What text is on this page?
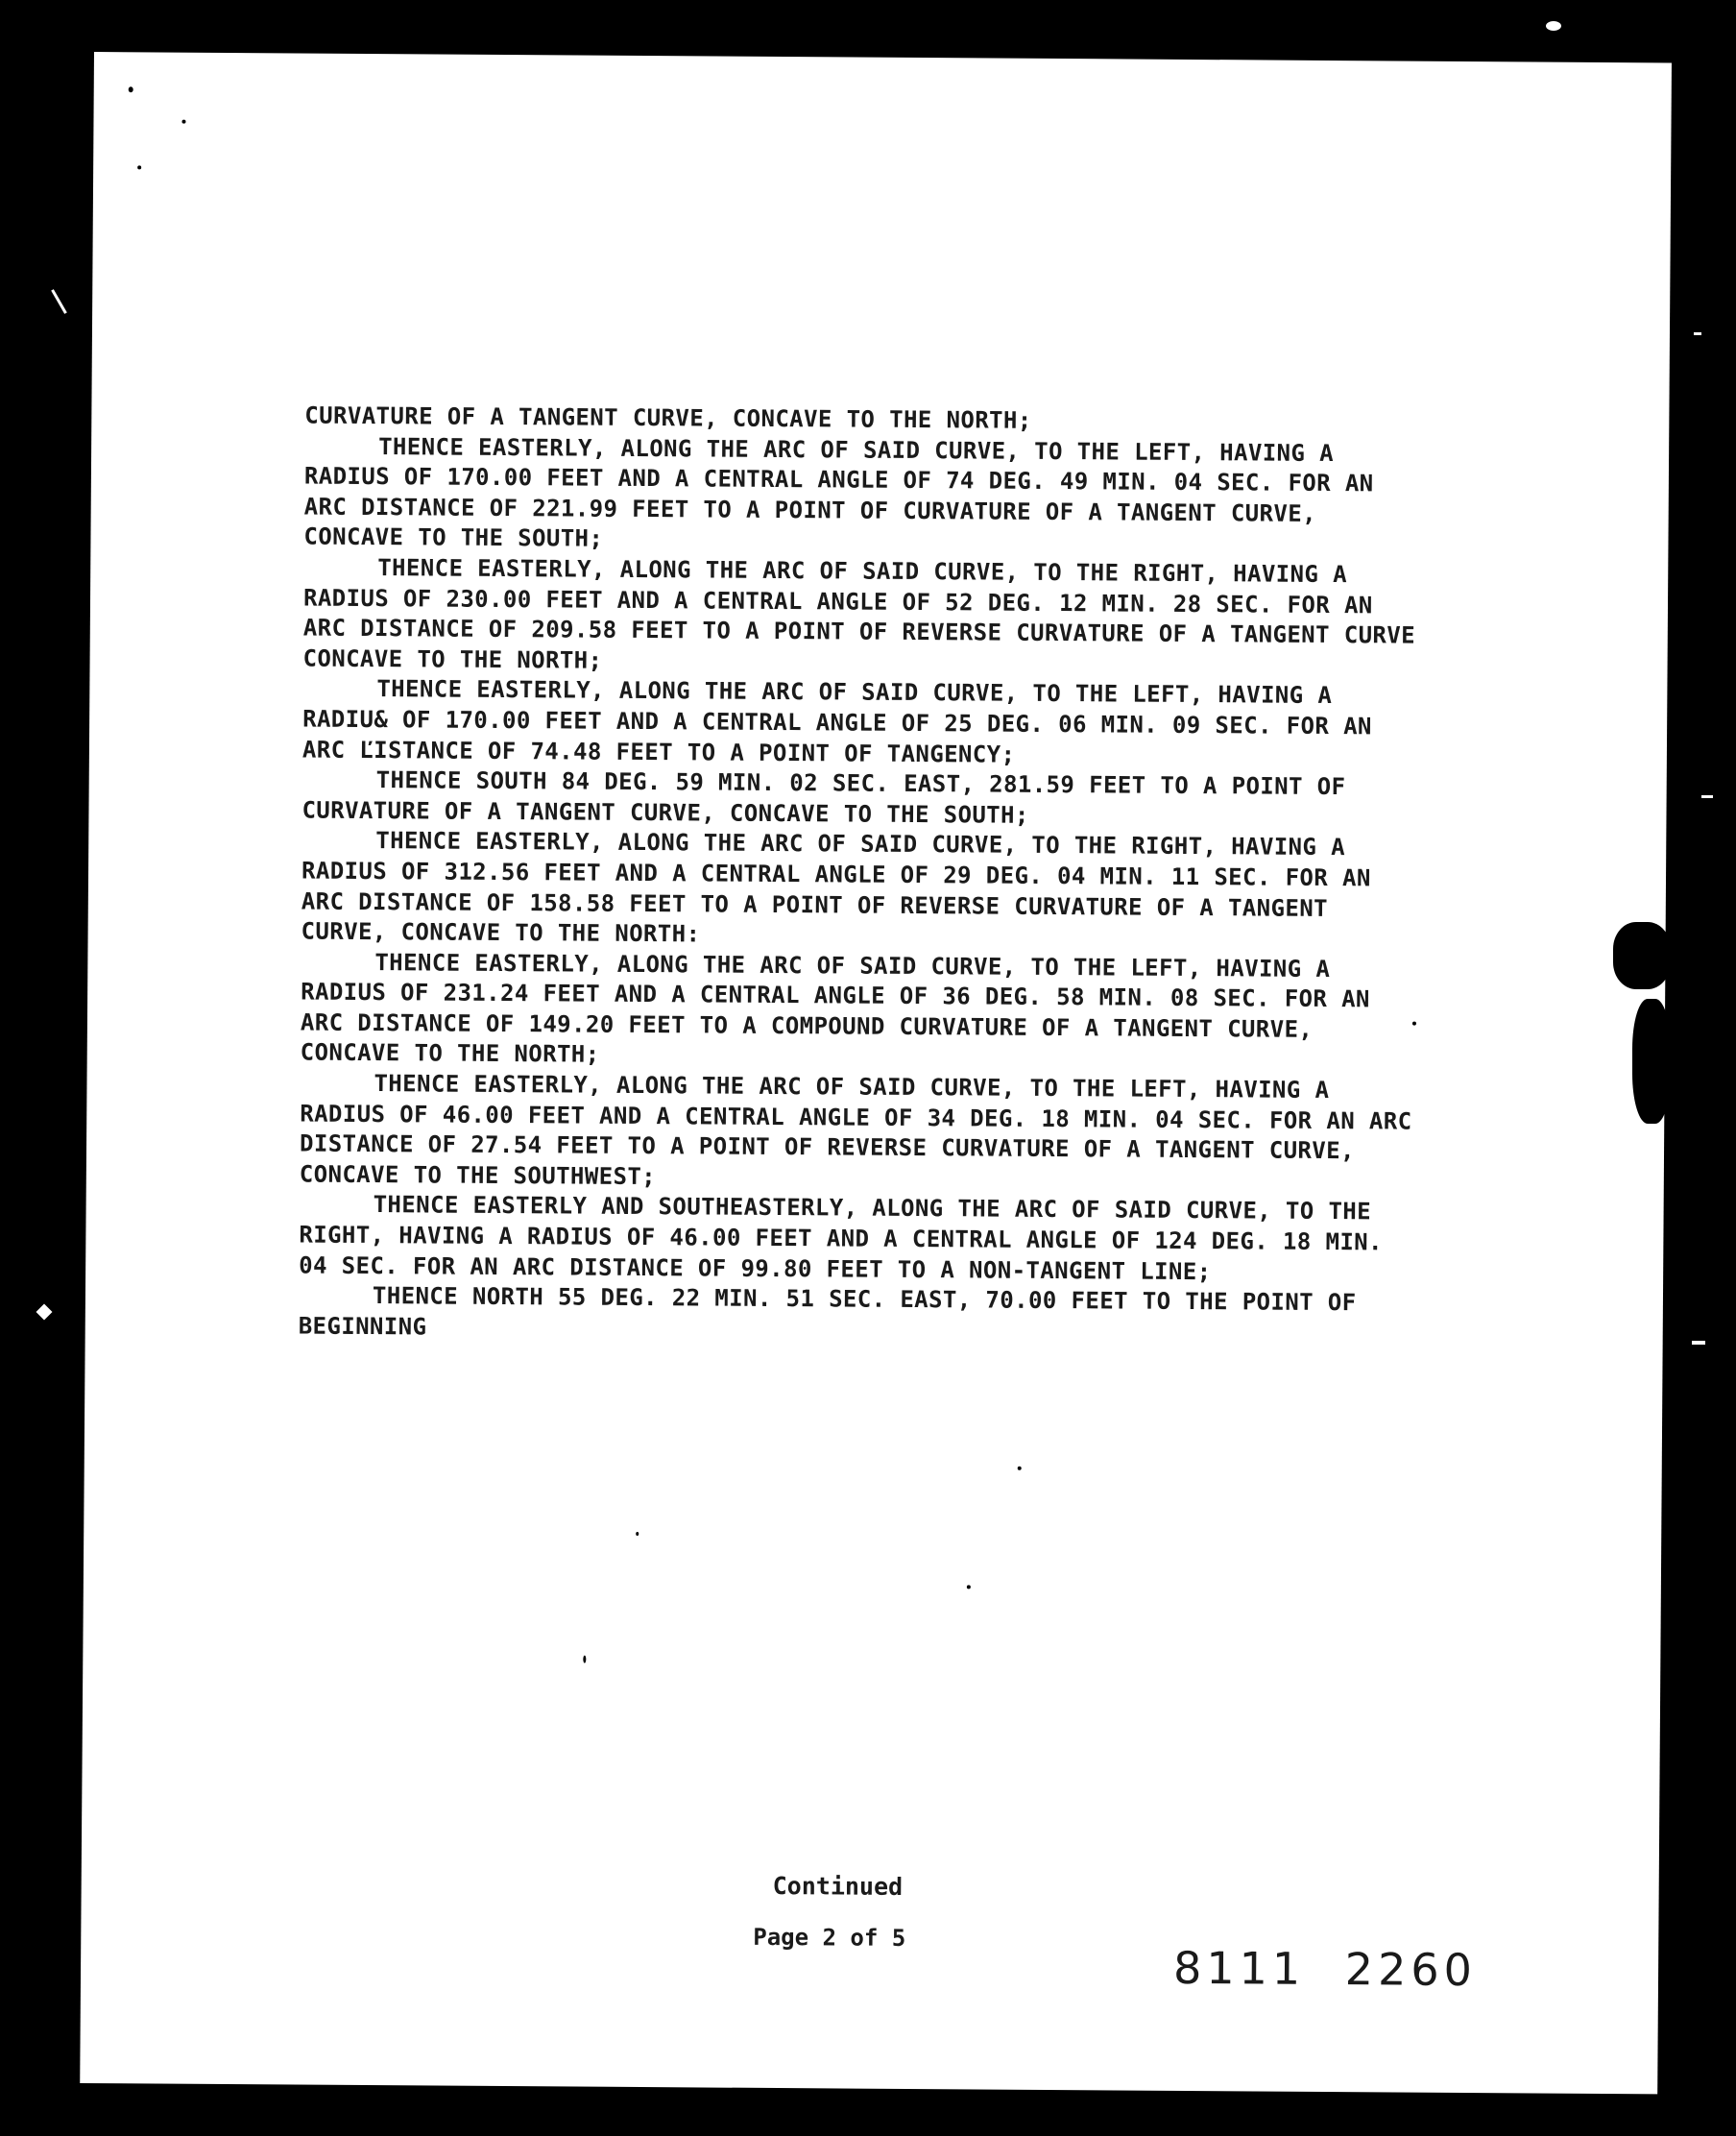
CURVATURE OF A TANGENT CURVE, CONCAVE TO THE NORTH;
THENCE EASTERLY, ALONG THE ARC OF SAID CURVE, TO THE LEFT, HAVING A
RADIUS OF 170.00 FEET AND A CENTRAL ANGLE OF 74 DEG. 49 MIN. 04 SEC. FOR AN
ARC DISTANCE OF 221.99 FEET TO A POINT OF CURVATURE OF A TANGENT CURVE,
CONCAVE TO THE SOUTH;
THENCE EASTERLY, ALONG THE ARC OF SAID CURVE, TO THE RIGHT, HAVING A
RADIUS OF 230.00 FEET AND A CENTRAL ANGLE OF 52 DEG. 12 MIN. 28 SEC. FOR AN
ARC DISTANCE OF 209.58 FEET TO A POINT OF REVERSE CURVATURE OF A TANGENT CURVE
CONCAVE TO THE NORTH;
THENCE EASTERLY, ALONG THE ARC OF SAID CURVE, TO THE LEFT, HAVING A
RADIU& OF 170.00 FEET AND A CENTRAL ANGLE OF 25 DEG. 06 MIN. 09 SEC. FOR AN
ARC ĽISTANCE OF 74.48 FEET TO A POINT OF TANGENCY;
THENCE SOUTH 84 DEG. 59 MIN. 02 SEC. EAST, 281.59 FEET TO A POINT OF
CURVATURE OF A TANGENT CURVE, CONCAVE TO THE SOUTH;
THENCE EASTERLY, ALONG THE ARC OF SAID CURVE, TO THE RIGHT, HAVING A
RADIUS OF 312.56 FEET AND A CENTRAL ANGLE OF 29 DEG. 04 MIN. 11 SEC. FOR AN
ARC DISTANCE OF 158.58 FEET TO A POINT OF REVERSE CURVATURE OF A TANGENT
CURVE, CONCAVE TO THE NORTH:
THENCE EASTERLY, ALONG THE ARC OF SAID CURVE, TO THE LEFT, HAVING A
RADIUS OF 231.24 FEET AND A CENTRAL ANGLE OF 36 DEG. 58 MIN. 08 SEC. FOR AN
ARC DISTANCE OF 149.20 FEET TO A COMPOUND CURVATURE OF A TANGENT CURVE,
CONCAVE TO THE NORTH;
THENCE EASTERLY, ALONG THE ARC OF SAID CURVE, TO THE LEFT, HAVING A
RADIUS OF 46.00 FEET AND A CENTRAL ANGLE OF 34 DEG. 18 MIN. 04 SEC. FOR AN ARC
DISTANCE OF 27.54 FEET TO A POINT OF REVERSE CURVATURE OF A TANGENT CURVE,
CONCAVE TO THE SOUTHWEST;
THENCE EASTERLY AND SOUTHEASTERLY, ALONG THE ARC OF SAID CURVE, TO THE
RIGHT, HAVING A RADIUS OF 46.00 FEET AND A CENTRAL ANGLE OF 124 DEG. 18 MIN.
04 SEC. FOR AN ARC DISTANCE OF 99.80 FEET TO A NON-TANGENT LINE;
THENCE NORTH 55 DEG. 22 MIN. 51 SEC. EAST, 70.00 FEET TO THE POINT OF
BEGINNING
Continued
Page 2 of 5
8111 2260
